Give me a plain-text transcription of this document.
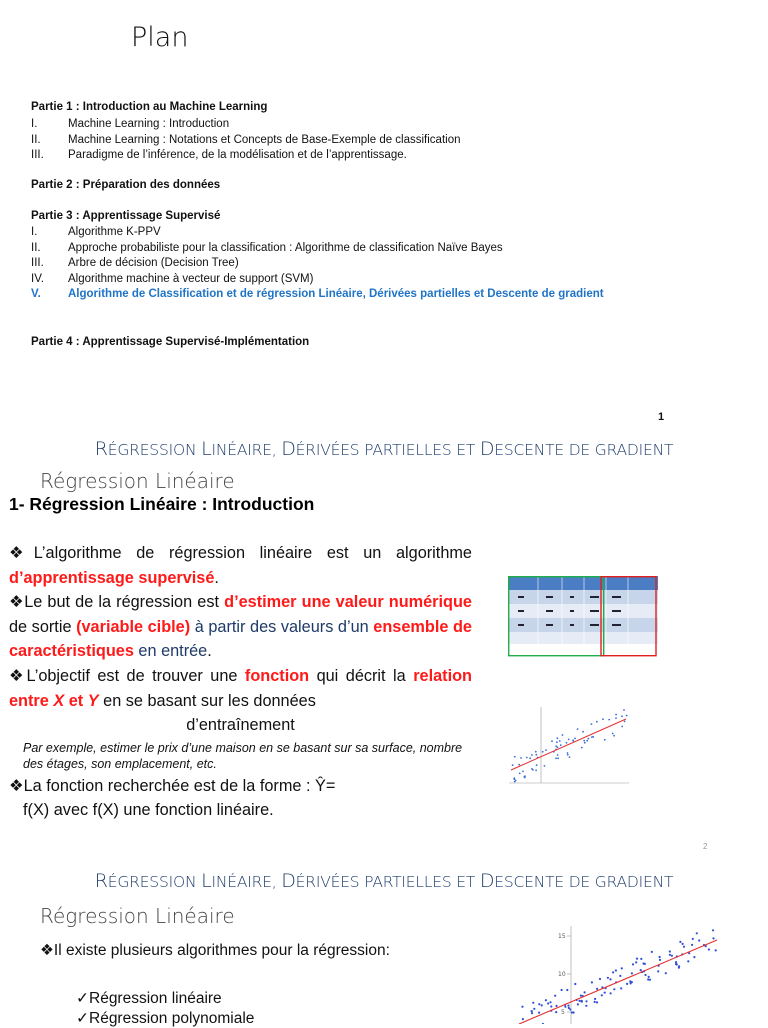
Plan
Partie 1 : Introduction au Machine Learning
I.	Machine Learning : Introduction
II.	Machine Learning : Notations et Concepts de Base-Exemple de classification
III.	Paradigme de l’inférence, de la modélisation et de l’apprentissage.
Partie 2 : Préparation des données
Partie 3 : Apprentissage Supervisé
I.	Algorithme K-PPV
II.	Approche probabiliste pour la classification : Algorithme de classification Naïve Bayes
III.	Arbre de décision (Decision Tree)
IV.	Algorithme machine à vecteur de support (SVM)
V.	Algorithme de Classification et de régression Linéaire, Dérivées partielles et Descente de gradient
Partie 4 : Apprentissage Supervisé-Implémentation
1
RÉGRESSION LINÉAIRE, DÉRIVÉES PARTIELLES ET DESCENTE DE GRADIENT
Régression Linéaire
1- Régression Linéaire : Introduction

❖L’algorithme de régression linéaire est un algorithme d’apprentissage supervisé.

❖Le but de la régression est d’estimer une valeur numérique de sortie (variable cible) à partir des valeurs d’un ensemble de caractéristiques en entrée.

❖L’objectif est de trouver une fonction qui décrit la relation entre X et Y en se basant sur les données

d’entraînement

Par exemple, estimer le prix d’une maison en se basant sur sa surface, nombre des étages, son emplacement, etc.

❖La fonction recherchée est de la forme : Ŷ=

f(X) avec f(X) une fonction linéaire.

2
RÉGRESSION LINÉAIRE, DÉRIVÉES PARTIELLES ET DESCENTE DE GRADIENT
Régression Linéaire
❖Il existe plusieurs algorithmes pour la régression:
✓Régression linéaire
✓Régression polynomiale
15
10
5
